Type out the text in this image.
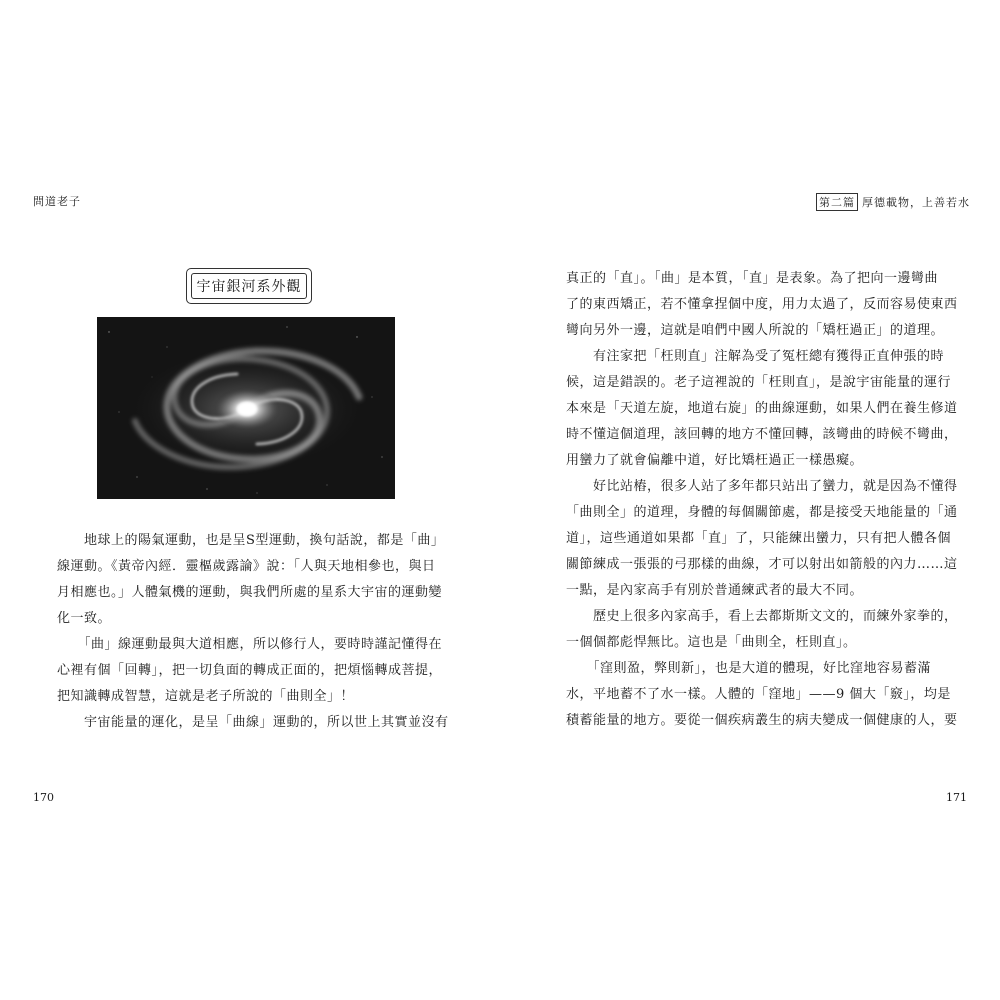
問道老子	第二篇 厚德載物，上善若水
宇宙銀河系外觀
　　地球上的陽氣運動，也是呈S型運動，換句話說，都是「曲」
線運動。《黃帝內經．靈樞歲露論》說：「人與天地相參也，與日
月相應也。」人體氣機的運動，與我們所處的星系大宇宙的運動變
化一致。
　　「曲」線運動最與大道相應，所以修行人，要時時謹記懂得在
心裡有個「回轉」，把一切負面的轉成正面的，把煩惱轉成菩提，
把知識轉成智慧，這就是老子所說的「曲則全」！
　　宇宙能量的運化，是呈「曲線」運動的，所以世上其實並沒有
真正的「直」。「曲」是本質，「直」是表象。為了把向一邊彎曲
了的東西矯正，若不懂拿捏個中度，用力太過了，反而容易使東西
彎向另外一邊，這就是咱們中國人所說的「矯枉過正」的道理。
　　有注家把「枉則直」注解為受了冤枉總有獲得正直伸張的時
候，這是錯誤的。老子這裡說的「枉則直」，是說宇宙能量的運行
本來是「天道左旋，地道右旋」的曲線運動，如果人們在養生修道
時不懂這個道理，該回轉的地方不懂回轉，該彎曲的時候不彎曲，
用蠻力了就會偏離中道，好比矯枉過正一樣愚癡。
　　好比站樁，很多人站了多年都只站出了蠻力，就是因為不懂得
「曲則全」的道理，身體的每個關節處，都是接受天地能量的「通
道」，這些通道如果都「直」了，只能練出蠻力，只有把人體各個
關節練成一張張的弓那樣的曲線，才可以射出如箭般的內力……這
一點，是內家高手有別於普通練武者的最大不同。
　　歷史上很多內家高手，看上去都斯斯文文的，而練外家拳的，
一個個都彪悍無比。這也是「曲則全，枉則直」。
　　「窪則盈，弊則新」，也是大道的體現，好比窪地容易蓄滿
水，平地蓄不了水一樣。人體的「窪地」——9 個大「竅」，均是
積蓄能量的地方。要從一個疾病叢生的病夫變成一個健康的人，要
170	171
